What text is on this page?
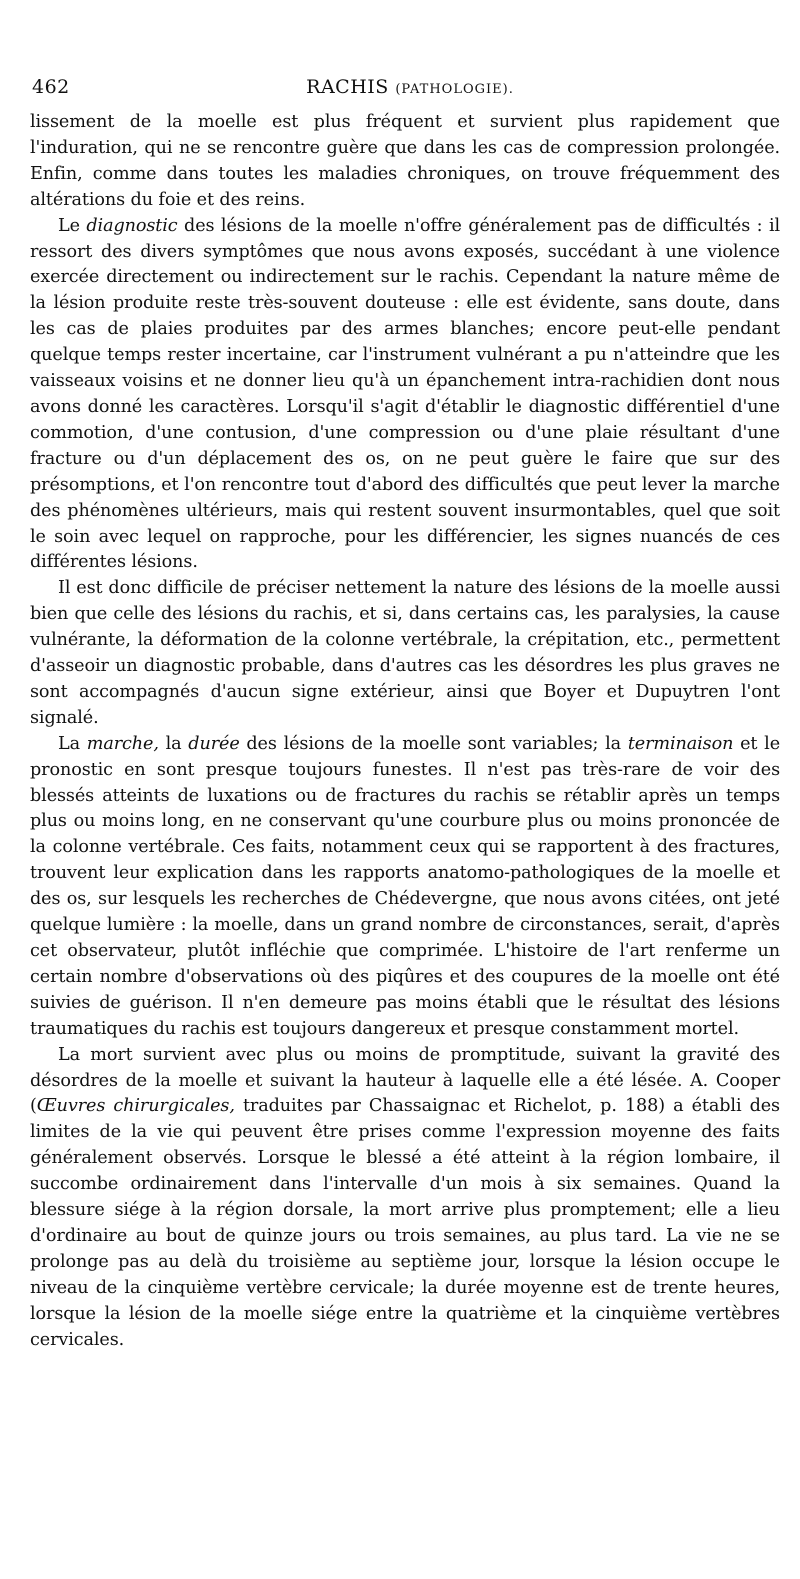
462	RACHIS (PATHOLOGIE).

lissement de la moelle est plus fréquent et survient plus rapidement que l'induration, qui ne se rencontre guère que dans les cas de compression prolongée. Enfin, comme dans toutes les maladies chroniques, on trouve fréquemment des altérations du foie et des reins.

Le diagnostic des lésions de la moelle n'offre généralement pas de difficultés : il ressort des divers symptômes que nous avons exposés, succédant à une violence exercée directement ou indirectement sur le rachis. Cependant la nature même de la lésion produite reste très-souvent douteuse : elle est évidente, sans doute, dans les cas de plaies produites par des armes blanches; encore peut-elle pendant quelque temps rester incertaine, car l'instrument vulnérant a pu n'atteindre que les vaisseaux voisins et ne donner lieu qu'à un épanchement intra-rachidien dont nous avons donné les caractères. Lorsqu'il s'agit d'établir le diagnostic différentiel d'une commotion, d'une contusion, d'une compression ou d'une plaie résultant d'une fracture ou d'un déplacement des os, on ne peut guère le faire que sur des présomptions, et l'on rencontre tout d'abord des difficultés que peut lever la marche des phénomènes ultérieurs, mais qui restent souvent insurmontables, quel que soit le soin avec lequel on rapproche, pour les différencier, les signes nuancés de ces différentes lésions.

Il est donc difficile de préciser nettement la nature des lésions de la moelle aussi bien que celle des lésions du rachis, et si, dans certains cas, les paralysies, la cause vulnérante, la déformation de la colonne vertébrale, la crépitation, etc., permettent d'asseoir un diagnostic probable, dans d'autres cas les désordres les plus graves ne sont accompagnés d'aucun signe extérieur, ainsi que Boyer et Dupuytren l'ont signalé.

La marche, la durée des lésions de la moelle sont variables; la terminaison et le pronostic en sont presque toujours funestes. Il n'est pas très-rare de voir des blessés atteints de luxations ou de fractures du rachis se rétablir après un temps plus ou moins long, en ne conservant qu'une courbure plus ou moins prononcée de la colonne vertébrale. Ces faits, notamment ceux qui se rapportent à des fractures, trouvent leur explication dans les rapports anatomo-pathologiques de la moelle et des os, sur lesquels les recherches de Chédevergne, que nous avons citées, ont jeté quelque lumière : la moelle, dans un grand nombre de circonstances, serait, d'après cet observateur, plutôt infléchie que comprimée. L'histoire de l'art renferme un certain nombre d'observations où des piqûres et des coupures de la moelle ont été suivies de guérison. Il n'en demeure pas moins établi que le résultat des lésions traumatiques du rachis est toujours dangereux et presque constamment mortel.

La mort survient avec plus ou moins de promptitude, suivant la gravité des désordres de la moelle et suivant la hauteur à laquelle elle a été lésée. A. Cooper (Œuvres chirurgicales, traduites par Chassaignac et Richelot, p. 188) a établi des limites de la vie qui peuvent être prises comme l'expression moyenne des faits généralement observés. Lorsque le blessé a été atteint à la région lombaire, il succombe ordinairement dans l'intervalle d'un mois à six semaines. Quand la blessure siége à la région dorsale, la mort arrive plus promptement; elle a lieu d'ordinaire au bout de quinze jours ou trois semaines, au plus tard. La vie ne se prolonge pas au delà du troisième au septième jour, lorsque la lésion occupe le niveau de la cinquième vertèbre cervicale; la durée moyenne est de trente heures, lorsque la lésion de la moelle siége entre la quatrième et la cinquième vertèbres cervicales.
